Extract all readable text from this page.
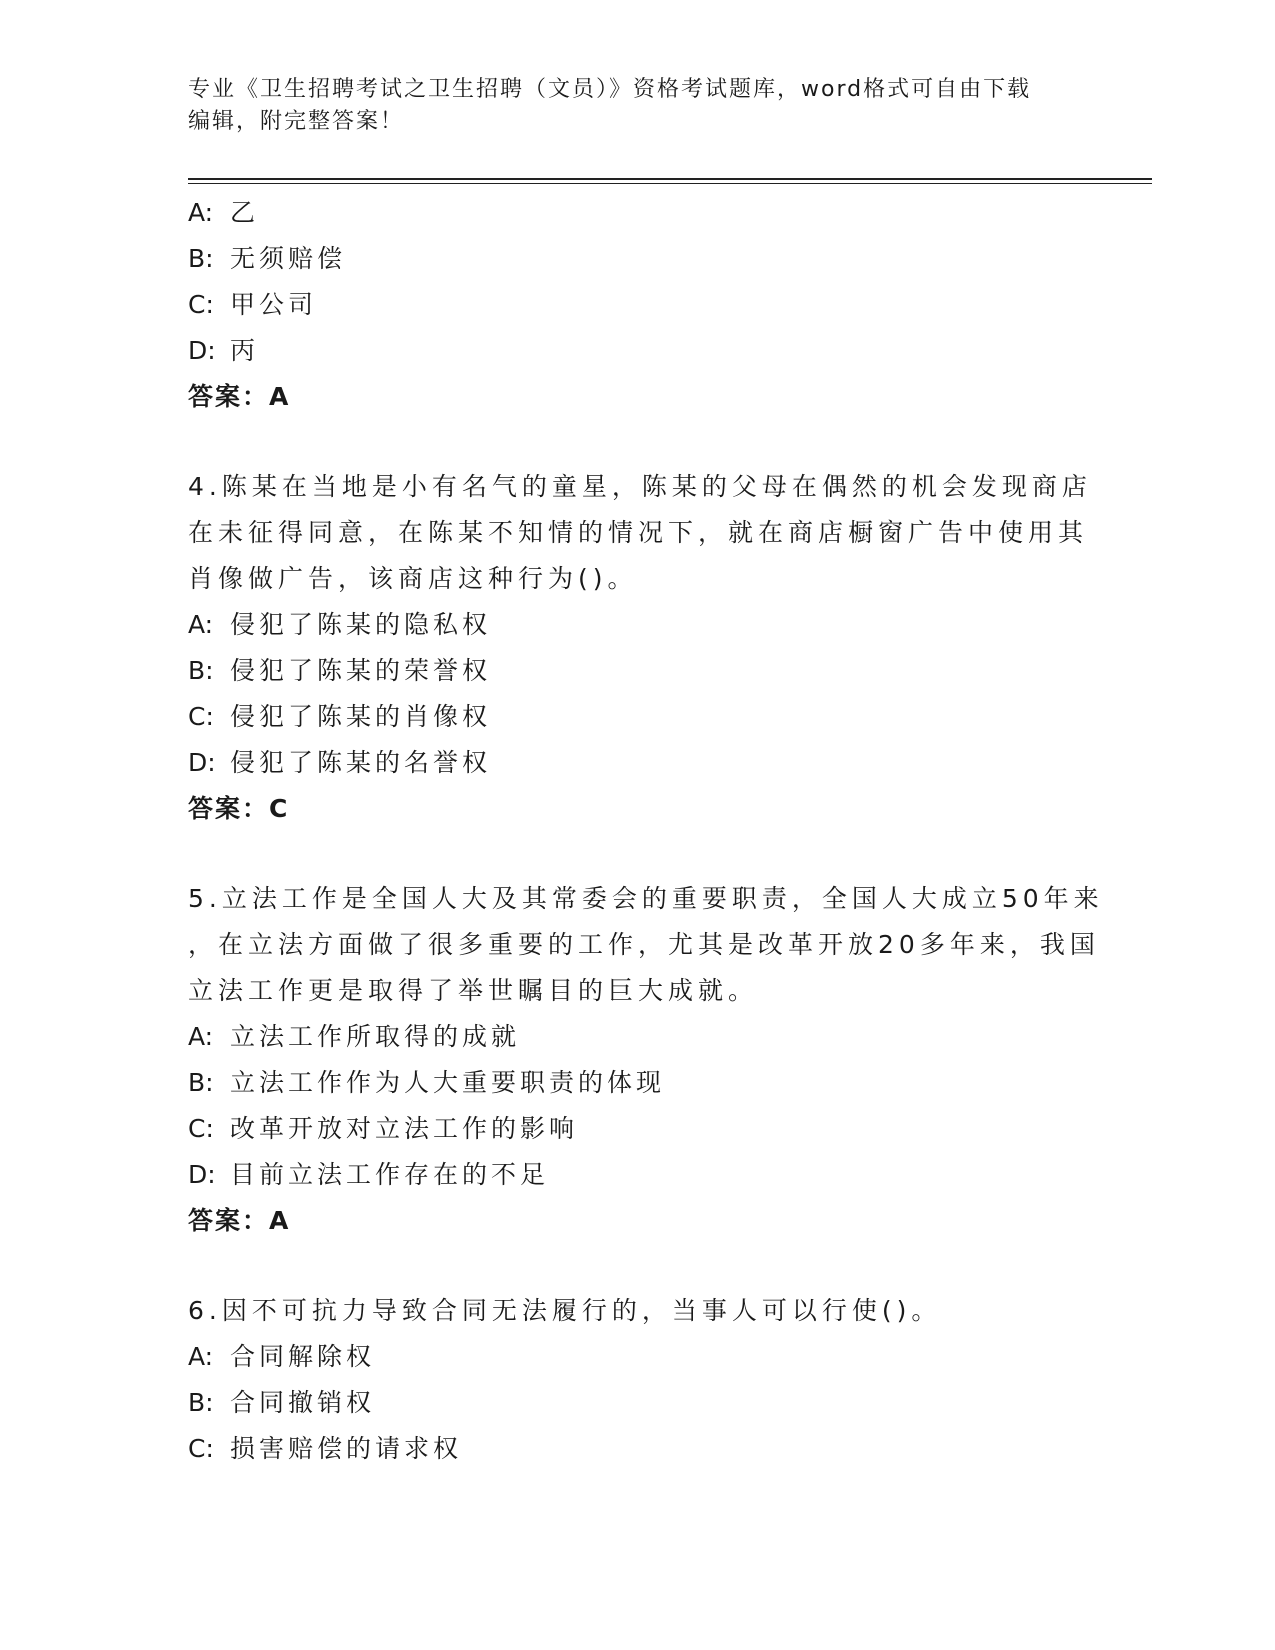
专业《卫生招聘考试之卫生招聘（文员）》资格考试题库，word格式可自由下载
编辑，附完整答案！
A: 乙
B: 无须赔偿
C: 甲公司
D: 丙
答案：A
4.陈某在当地是小有名气的童星，陈某的父母在偶然的机会发现商店
在未征得同意，在陈某不知情的情况下，就在商店橱窗广告中使用其
肖像做广告，该商店这种行为()。
A: 侵犯了陈某的隐私权
B: 侵犯了陈某的荣誉权
C: 侵犯了陈某的肖像权
D: 侵犯了陈某的名誉权
答案：C
5.立法工作是全国人大及其常委会的重要职责，全国人大成立50年来
，在立法方面做了很多重要的工作，尤其是改革开放20多年来，我国
立法工作更是取得了举世瞩目的巨大成就。
A: 立法工作所取得的成就
B: 立法工作作为人大重要职责的体现
C: 改革开放对立法工作的影响
D: 目前立法工作存在的不足
答案：A
6.因不可抗力导致合同无法履行的，当事人可以行使()。
A: 合同解除权
B: 合同撤销权
C: 损害赔偿的请求权
